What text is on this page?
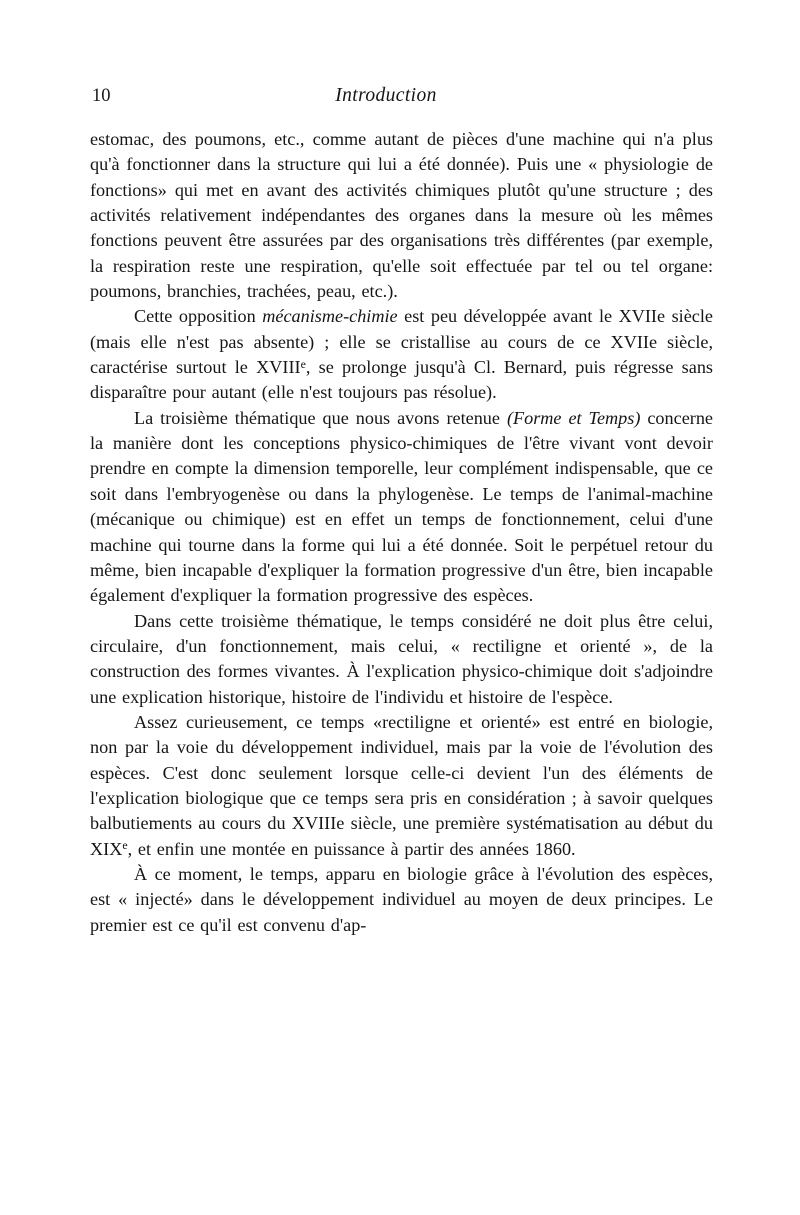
10	Introduction

estomac, des poumons, etc., comme autant de pièces d'une machine qui n'a plus qu'à fonctionner dans la structure qui lui a été donnée). Puis une « physiologie de fonctions» qui met en avant des activités chimiques plutôt qu'une structure ; des activités relativement indépendantes des organes dans la mesure où les mêmes fonctions peuvent être assurées par des organisations très différentes (par exemple, la respiration reste une respiration, qu'elle soit effectuée par tel ou tel organe: poumons, branchies, trachées, peau, etc.).

Cette opposition mécanisme-chimie est peu développée avant le XVIIe siècle (mais elle n'est pas absente) ; elle se cristallise au cours de ce XVIIe siècle, caractérise surtout le XVIIIe, se prolonge jusqu'à Cl. Bernard, puis régresse sans disparaître pour autant (elle n'est toujours pas résolue).

La troisième thématique que nous avons retenue (Forme et Temps) concerne la manière dont les conceptions physico-chimiques de l'être vivant vont devoir prendre en compte la dimension temporelle, leur complément indispensable, que ce soit dans l'embryogenèse ou dans la phylogenèse. Le temps de l'animal-machine (mécanique ou chimique) est en effet un temps de fonctionnement, celui d'une machine qui tourne dans la forme qui lui a été donnée. Soit le perpétuel retour du même, bien incapable d'expliquer la formation progressive d'un être, bien incapable également d'expliquer la formation progressive des espèces.

Dans cette troisième thématique, le temps considéré ne doit plus être celui, circulaire, d'un fonctionnement, mais celui, « rectiligne et orienté », de la construction des formes vivantes. À l'explication physico-chimique doit s'adjoindre une explication historique, histoire de l'individu et histoire de l'espèce.

Assez curieusement, ce temps «rectiligne et orienté» est entré en biologie, non par la voie du développement individuel, mais par la voie de l'évolution des espèces. C'est donc seulement lorsque celle-ci devient l'un des éléments de l'explication biologique que ce temps sera pris en considération ; à savoir quelques balbutiements au cours du XVIIIe siècle, une première systématisation au début du XIXe, et enfin une montée en puissance à partir des années 1860.

À ce moment, le temps, apparu en biologie grâce à l'évolution des espèces, est « injecté» dans le développement individuel au moyen de deux principes. Le premier est ce qu'il est convenu d'ap-
